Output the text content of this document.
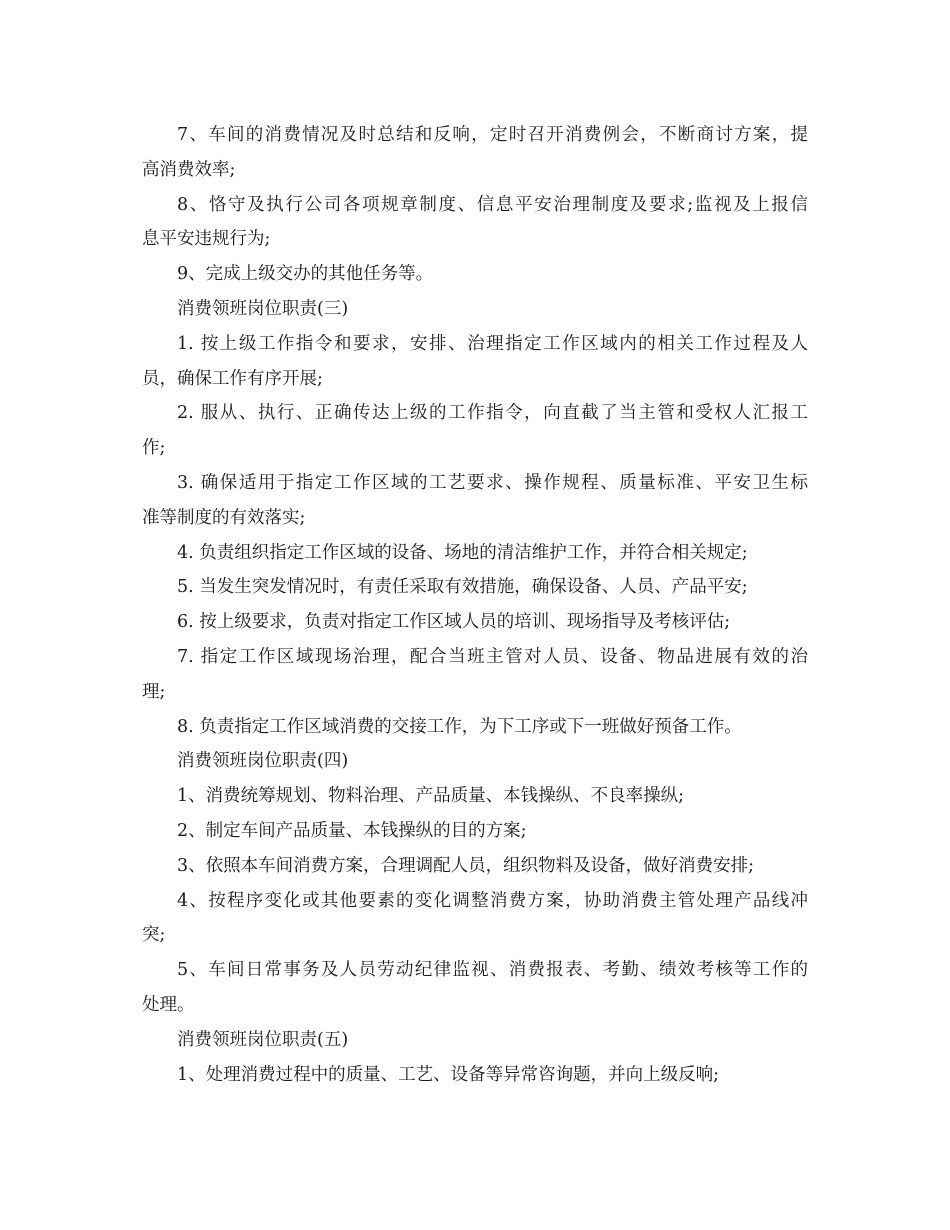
7、车间的消费情况及时总结和反响，定时召开消费例会，不断商讨方案，提
高消费效率;
8、恪守及执行公司各项规章制度、信息平安治理制度及要求;监视及上报信
息平安违规行为;
9、完成上级交办的其他任务等。
消费领班岗位职责(三)
1. 按上级工作指令和要求，安排、治理指定工作区域内的相关工作过程及人
员，确保工作有序开展;
2. 服从、执行、正确传达上级的工作指令，向直截了当主管和受权人汇报工
作;
3. 确保适用于指定工作区域的工艺要求、操作规程、质量标准、平安卫生标
准等制度的有效落实;
4. 负责组织指定工作区域的设备、场地的清洁维护工作，并符合相关规定;
5. 当发生突发情况时，有责任采取有效措施，确保设备、人员、产品平安;
6. 按上级要求，负责对指定工作区域人员的培训、现场指导及考核评估;
7. 指定工作区域现场治理，配合当班主管对人员、设备、物品进展有效的治
理;
8. 负责指定工作区域消费的交接工作，为下工序或下一班做好预备工作。
消费领班岗位职责(四)
1、消费统筹规划、物料治理、产品质量、本钱操纵、不良率操纵;
2、制定车间产品质量、本钱操纵的目的方案;
3、依照本车间消费方案，合理调配人员，组织物料及设备，做好消费安排;
4、按程序变化或其他要素的变化调整消费方案，协助消费主管处理产品线冲
突;
5、车间日常事务及人员劳动纪律监视、消费报表、考勤、绩效考核等工作的
处理。
消费领班岗位职责(五)
1、处理消费过程中的质量、工艺、设备等异常咨询题，并向上级反响;
